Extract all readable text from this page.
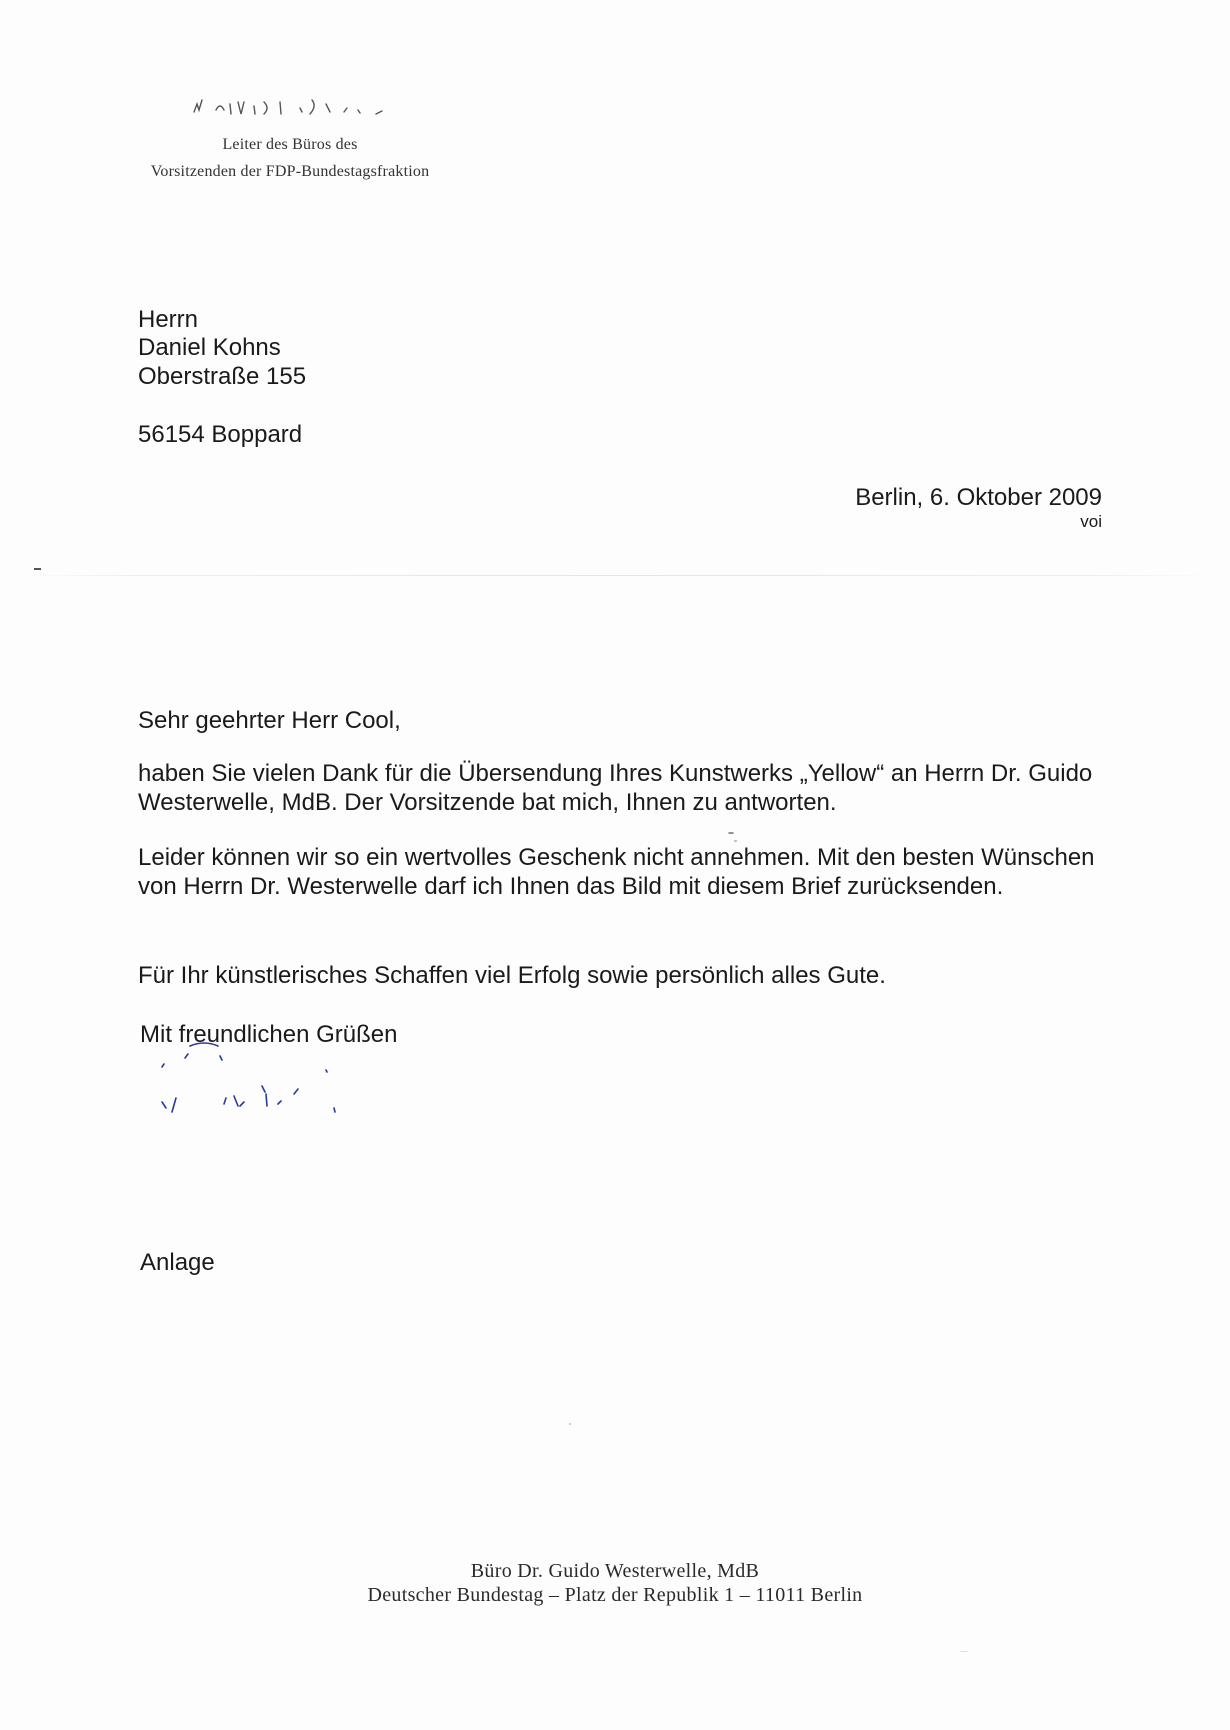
Leiter des Büros des
Vorsitzenden der FDP-Bundestagsfraktion
Herrn
Daniel Kohns
Oberstraße 155
56154 Boppard
Berlin, 6. Oktober 2009
voi
Sehr geehrter Herr Cool,
haben Sie vielen Dank für die Übersendung Ihres Kunstwerks „Yellow“ an Herrn Dr. Guido Westerwelle, MdB. Der Vorsitzende bat mich, Ihnen zu antworten.
Leider können wir so ein wertvolles Geschenk nicht annehmen. Mit den besten Wünschen von Herrn Dr. Westerwelle darf ich Ihnen das Bild mit diesem Brief zurücksenden.
Für Ihr künstlerisches Schaffen viel Erfolg sowie persönlich alles Gute.
Mit freundlichen Grüßen
Anlage
Büro Dr. Guido Westerwelle, MdB
Deutscher Bundestag – Platz der Republik 1 – 11011 Berlin
